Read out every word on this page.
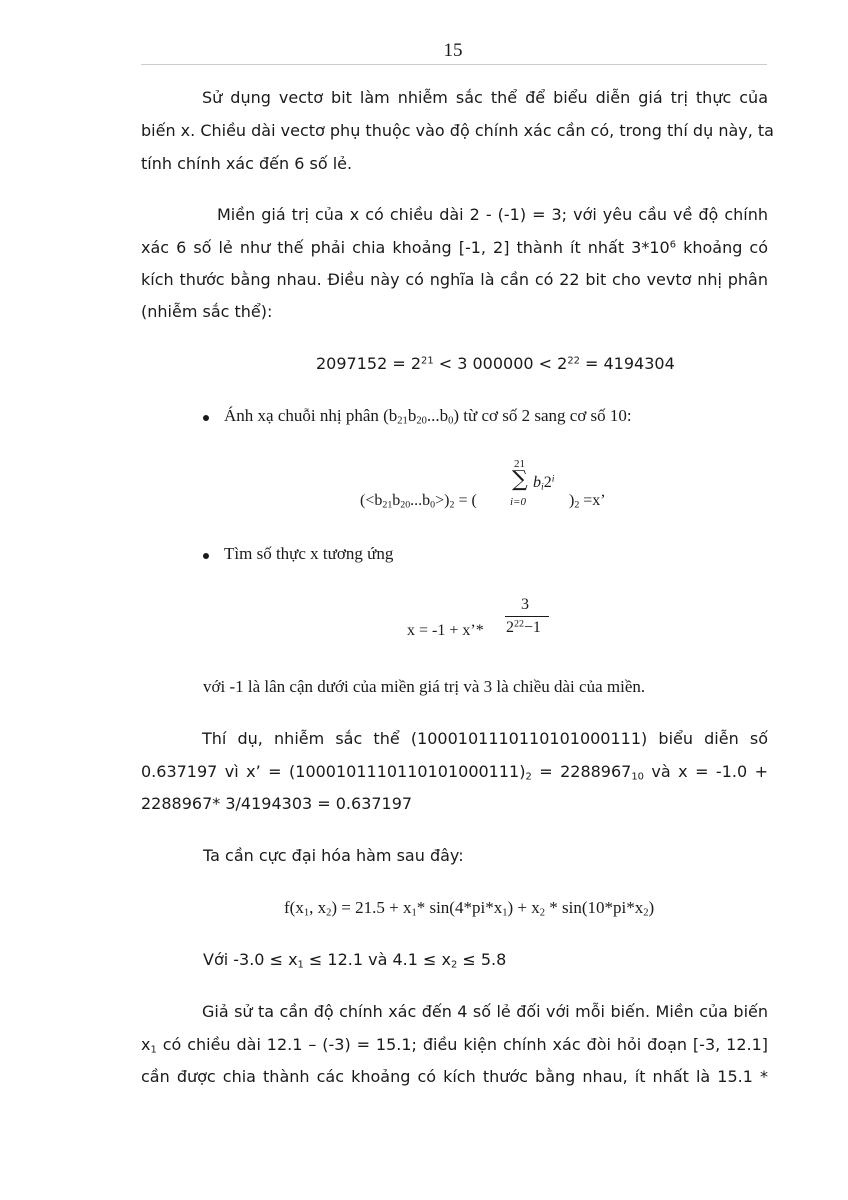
15
Sử dụng vectơ bit làm nhiễm sắc thể để biểu diễn giá trị thực của
biến x. Chiều dài vectơ phụ thuộc vào độ chính xác cần có, trong thí dụ này, ta
tính chính xác đến 6 số lẻ.
Miền giá trị của x có chiều dài 2 - (-1) = 3; với yêu cầu về độ chính
xác 6 số lẻ như thế phải chia khoảng [-1, 2] thành ít nhất $3*10^6$ khoảng có
kích thước bằng nhau. Điều này có nghĩa là cần có 22 bit cho vevtơ nhị phân
(nhiễm sắc thể):
$2097152 = 2^{21} < 3$ $000000 < 2^{22} = 4194304$
Ánh xạ chuỗi nhị phân $(b_{21}b_{20}...b_0)$ từ cơ số 2 sang cơ số 10:
$(<b_{21}b_{20}...b_0>)_2$ = (
21
∑
i=0
$b_i2^i$
)$_2 =x$’
Tìm số thực x tương ứng
x = -1 + x’*
3
$2^{22}-1$
với -1 là lân cận dưới của miền giá trị và 3 là chiều dài của miền.
Thí dụ, nhiễm sắc thể (1000101110110101000111) biểu diễn số
0.637197 vì x’ = $(1000101110110101000111)_2 = 2288967_{10}$ và x = -1.0 +
2288967* 3/4194303 = 0.637197
Ta cần cực đại hóa hàm sau đây:
$f(x_1$, $x_2) = 21.5 + x_1*$ $\sin(4*pi*x_1) + x_2 * \sin(10*pi*x_2)$
Với $-3.0 \le x_1 \le 12.1$ và $4.1 \le x_2 \le 5.8$
Giả sử ta cần độ chính xác đến 4 số lẻ đối với mỗi biến. Miền của biến
$x_1$ có chiều dài 12.1 – (-3) = 15.1; điều kiện chính xác đòi hỏi đoạn [-3, 12.1]
cần được chia thành các khoảng có kích thước bằng nhau, ít nhất là 15.1 *
